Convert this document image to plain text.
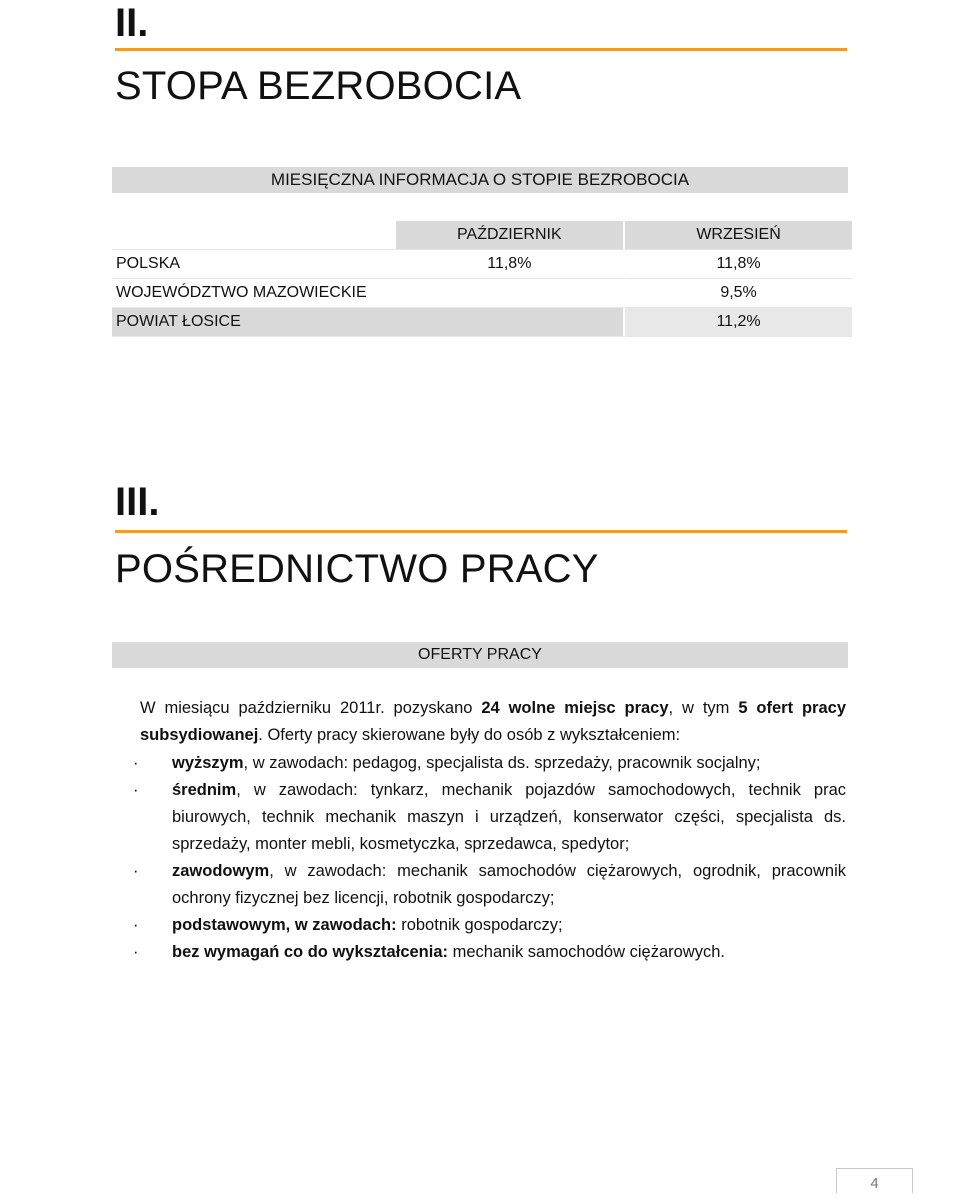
II.
STOPA BEZROBOCIA
MIESIĘCZNA INFORMACJA O STOPIE BEZROBOCIA
	PAŹDZIERNIK	WRZESIEŃ
POLSKA	11,8%	11,8%
WOJEWÓDZTWO MAZOWIECKIE		9,5%
POWIAT ŁOSICE		11,2%
III.
POŚREDNICTWO PRACY
OFERTY PRACY
W miesiącu październiku 2011r. pozyskano 24 wolne miejsc pracy, w tym 5 ofert pracy subsydiowanej. Oferty pracy skierowane były do osób z wykształceniem:
· wyższym, w zawodach: pedagog, specjalista ds. sprzedaży, pracownik socjalny;
· średnim, w zawodach: tynkarz, mechanik pojazdów samochodowych, technik prac biurowych, technik mechanik maszyn i urządzeń, konserwator części, specjalista ds. sprzedaży, monter mebli, kosmetyczka, sprzedawca, spedytor;
· zawodowym, w zawodach: mechanik samochodów ciężarowych, ogrodnik, pracownik ochrony fizycznej bez licencji, robotnik gospodarczy;
· podstawowym, w zawodach: robotnik gospodarczy;
· bez wymagań co do wykształcenia: mechanik samochodów ciężarowych.
4
